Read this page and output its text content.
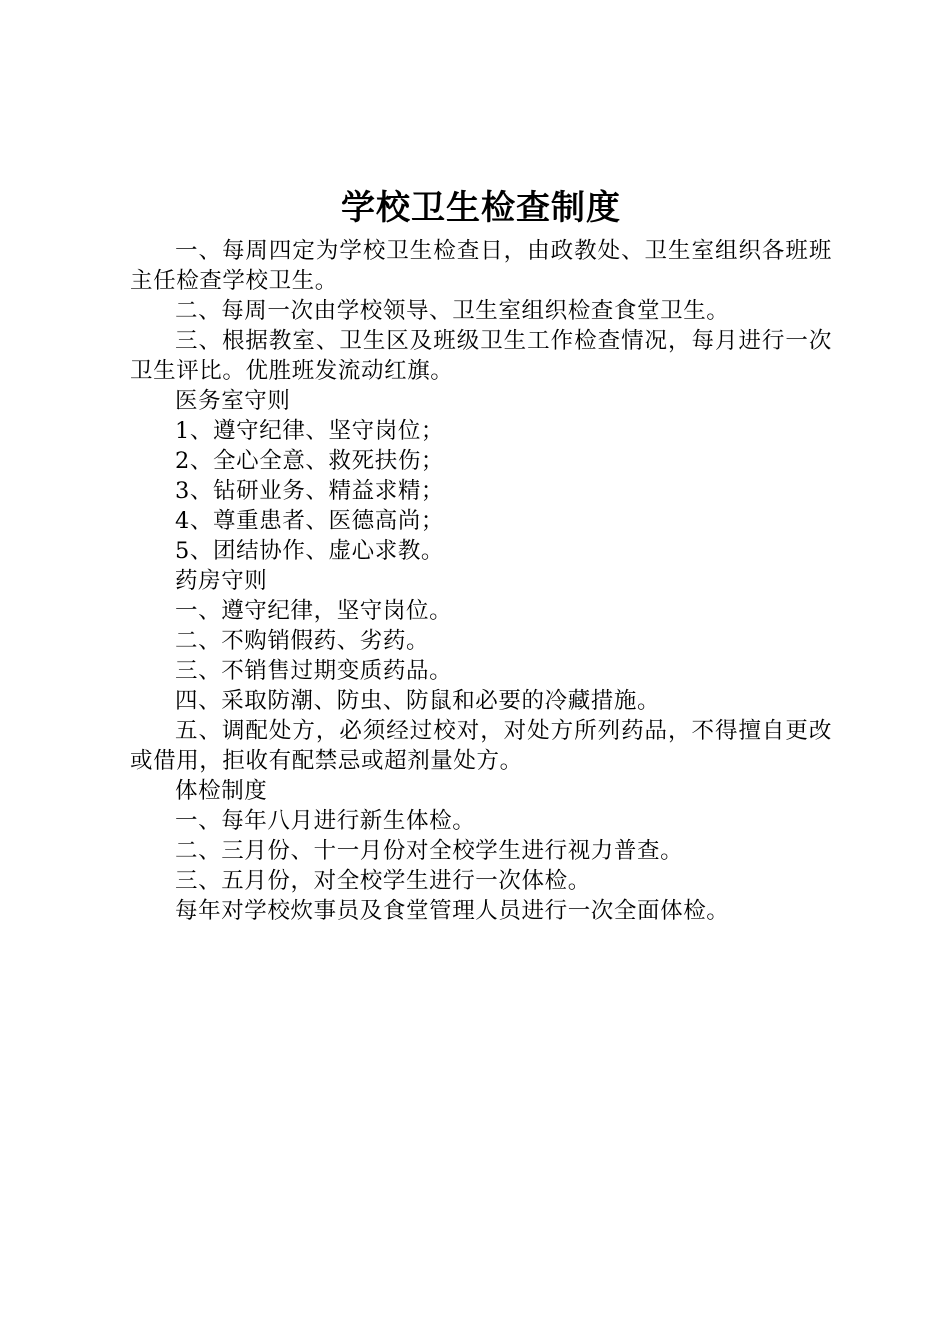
学校卫生检查制度

一、每周四定为学校卫生检查日，由政教处、卫生室组织各班班主任检查学校卫生。

二、每周一次由学校领导、卫生室组织检查食堂卫生。

三、根据教室、卫生区及班级卫生工作检查情况，每月进行一次卫生评比。优胜班发流动红旗。

医务室守则

1、遵守纪律、坚守岗位；

2、全心全意、救死扶伤；

3、钻研业务、精益求精；

4、尊重患者、医德高尚；

5、团结协作、虚心求教。

药房守则

一、遵守纪律，坚守岗位。

二、不购销假药、劣药。

三、不销售过期变质药品。

四、采取防潮、防虫、防鼠和必要的冷藏措施。

五、调配处方，必须经过校对，对处方所列药品，不得擅自更改或借用，拒收有配禁忌或超剂量处方。

体检制度

一、每年八月进行新生体检。

二、三月份、十一月份对全校学生进行视力普查。

三、五月份，对全校学生进行一次体检。

每年对学校炊事员及食堂管理人员进行一次全面体检。
